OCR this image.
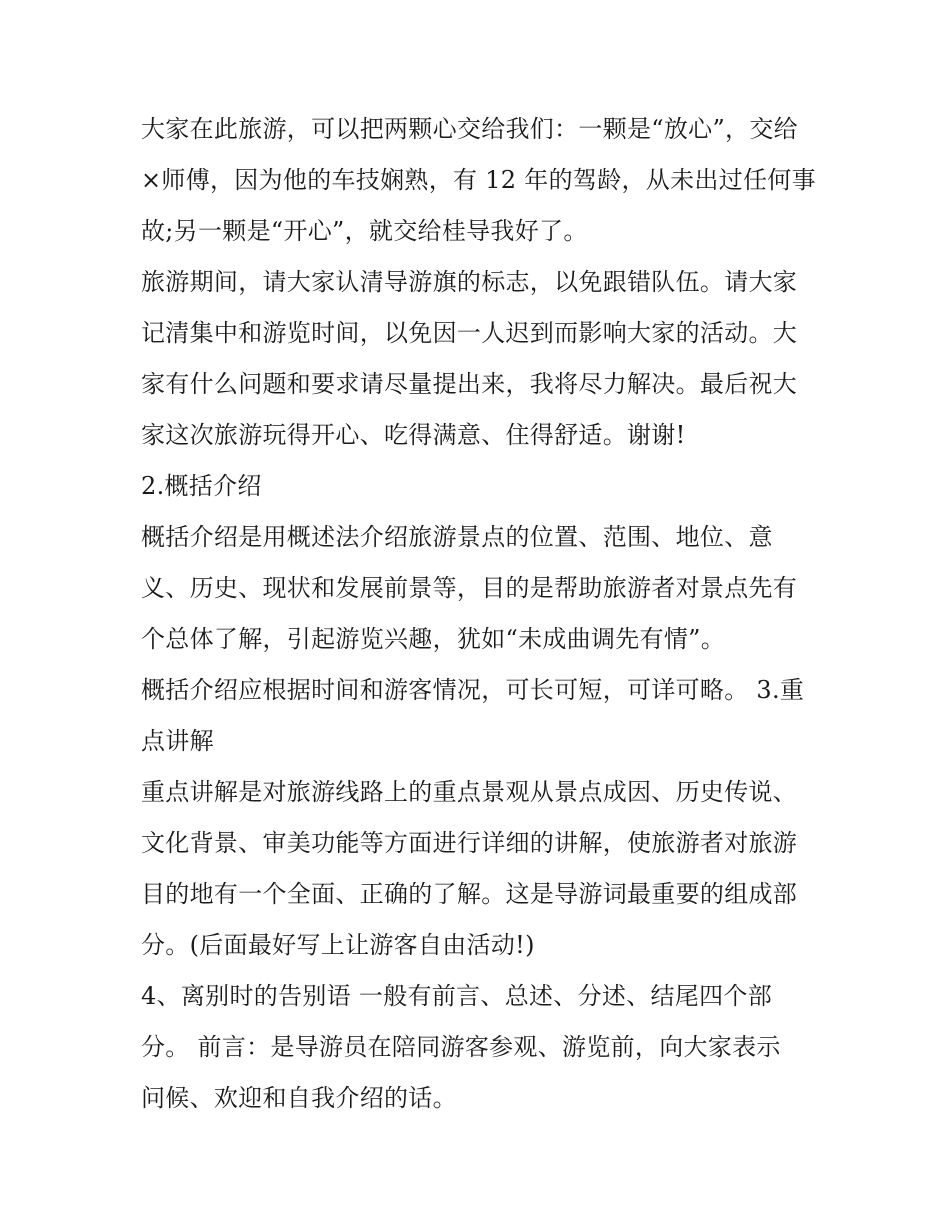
大家在此旅游，可以把两颗心交给我们：一颗是“放心”，交给
×师傅，因为他的车技娴熟，有 12 年的驾龄，从未出过任何事
故;另一颗是“开心”，就交给桂导我好了。

旅游期间，请大家认清导游旗的标志，以免跟错队伍。请大家
记清集中和游览时间，以免因一人迟到而影响大家的活动。大
家有什么问题和要求请尽量提出来，我将尽力解决。最后祝大
家这次旅游玩得开心、吃得满意、住得舒适。谢谢!

2.概括介绍

概括介绍是用概述法介绍旅游景点的位置、范围、地位、意
义、历史、现状和发展前景等，目的是帮助旅游者对景点先有
个总体了解，引起游览兴趣，犹如“未成曲调先有情”。

概括介绍应根据时间和游客情况，可长可短，可详可略。 3.重
点讲解

重点讲解是对旅游线路上的重点景观从景点成因、历史传说、
文化背景、审美功能等方面进行详细的讲解，使旅游者对旅游
目的地有一个全面、正确的了解。这是导游词最重要的组成部
分。(后面最好写上让游客自由活动!)

4、离别时的告别语 一般有前言、总述、分述、结尾四个部
分。 前言：是导游员在陪同游客参观、游览前，向大家表示
问候、欢迎和自我介绍的话。
